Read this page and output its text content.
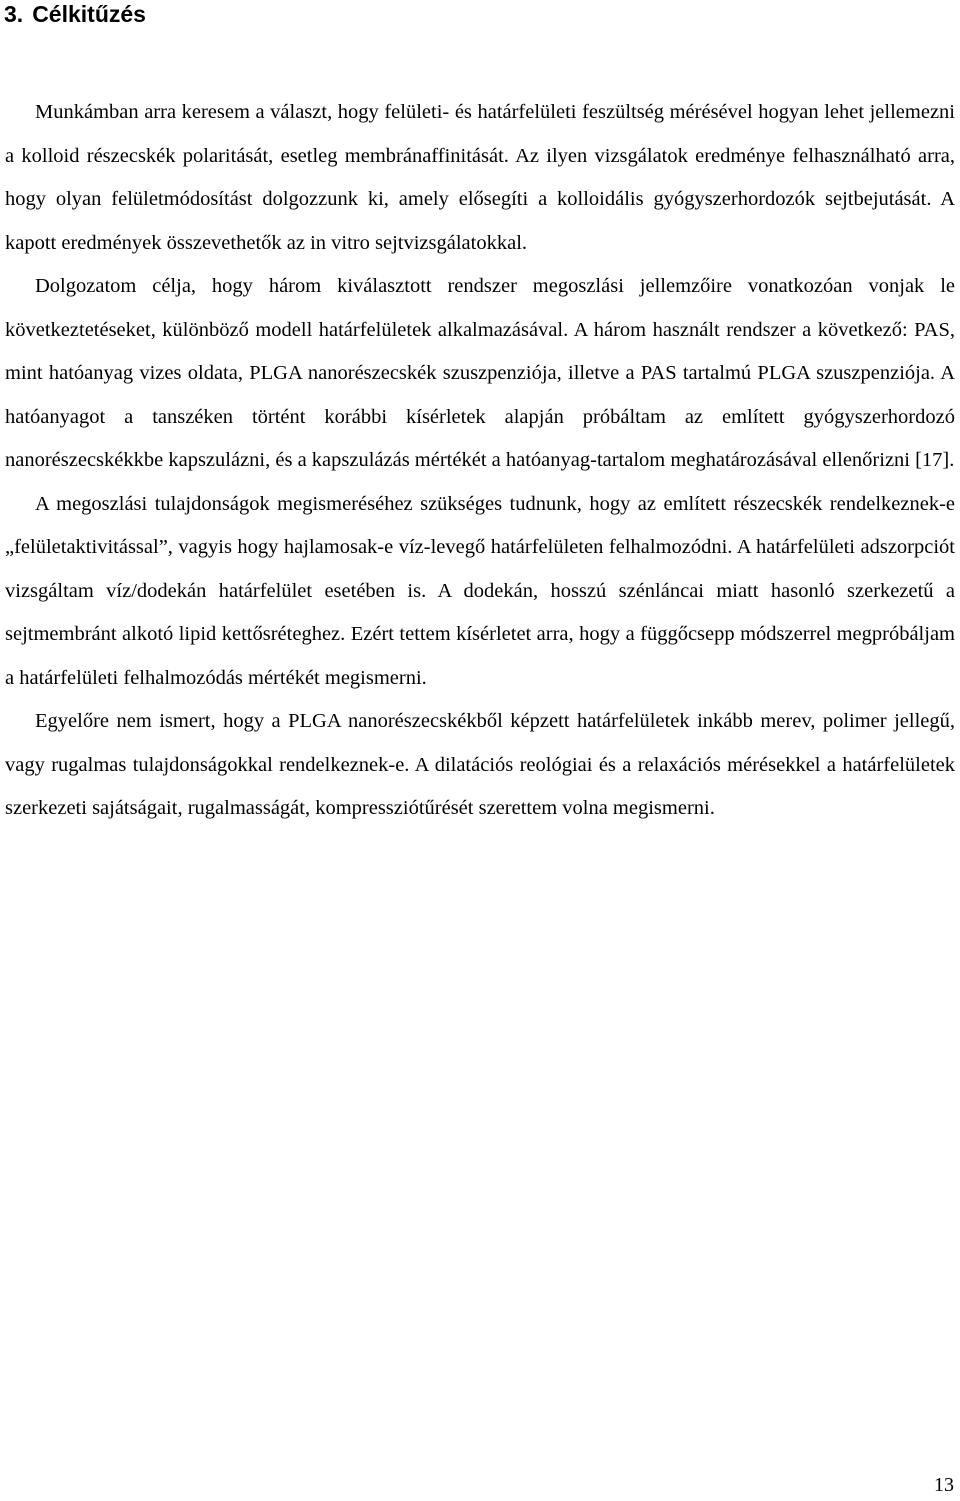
3. Célkitűzés

Munkámban arra keresem a választ, hogy felületi- és határfelületi feszültség mérésével hogyan lehet jellemezni a kolloid részecskék polaritását, esetleg membránaffinitását. Az ilyen vizsgálatok eredménye felhasználható arra, hogy olyan felületmódosítást dolgozzunk ki, amely elősegíti a kolloidális gyógyszerhordozók sejtbejutását. A kapott eredmények összevethetők az in vitro sejtvizsgálatokkal.

Dolgozatom célja, hogy három kiválasztott rendszer megoszlási jellemzőire vonatkozóan vonjak le következtetéseket, különböző modell határfelületek alkalmazásával. A három használt rendszer a következő: PAS, mint hatóanyag vizes oldata, PLGA nanorészecskék szuszpenziója, illetve a PAS tartalmú PLGA szuszpenziója. A hatóanyagot a tanszéken történt korábbi kísérletek alapján próbáltam az említett gyógyszerhordozó nanorészecskékkbe kapszulázni, és a kapszulázás mértékét a hatóanyag-tartalom meghatározásával ellenőrizni [17].

A megoszlási tulajdonságok megismeréséhez szükséges tudnunk, hogy az említett részecskék rendelkeznek-e „felületaktivitással”, vagyis hogy hajlamosak-e víz-levegő határfelületen felhalmozódni. A határfelületi adszorpciót vizsgáltam víz/dodekán határfelület esetében is. A dodekán, hosszú szénláncai miatt hasonló szerkezetű a sejtmembránt alkotó lipid kettősréteghez. Ezért tettem kísérletet arra, hogy a függőcsepp módszerrel megpróbáljam a határfelületi felhalmozódás mértékét megismerni.

Egyelőre nem ismert, hogy a PLGA nanorészecskékből képzett határfelületek inkább merev, polimer jellegű, vagy rugalmas tulajdonságokkal rendelkeznek-e. A dilatációs reológiai és a relaxációs mérésekkel a határfelületek szerkezeti sajátságait, rugalmasságát, kompressziótűrését szerettem volna megismerni.

13
